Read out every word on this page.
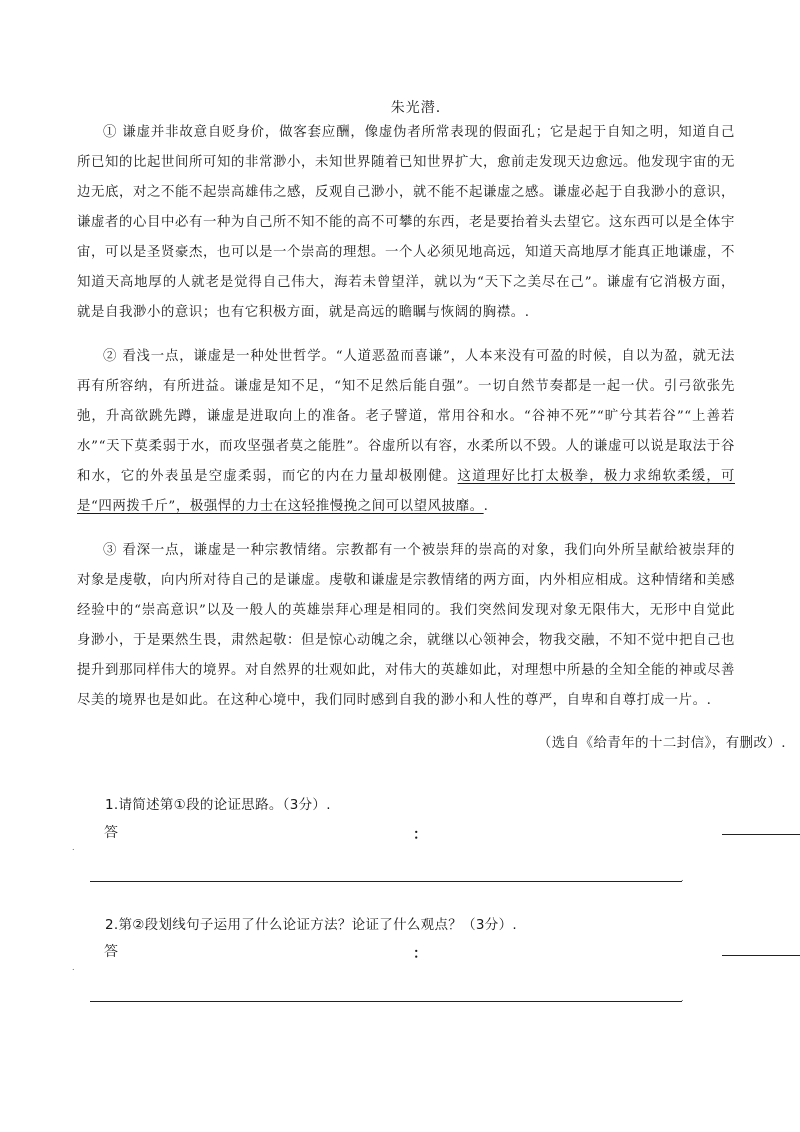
朱光潜.

① 谦虚并非故意自贬身价，做客套应酬，像虚伪者所常表现的假面孔；它是起于自知之明，知道自己所已知的比起世间所可知的非常渺小，未知世界随着已知世界扩大，愈前走发现天边愈远。他发现宇宙的无边无底，对之不能不起崇高雄伟之感，反观自己渺小，就不能不起谦虚之感。谦虚必起于自我渺小的意识，谦虚者的心目中必有一种为自己所不知不能的高不可攀的东西，老是要抬着头去望它。这东西可以是全体宇宙，可以是圣贤豪杰，也可以是一个崇高的理想。一个人必须见地高远，知道天高地厚才能真正地谦虚，不知道天高地厚的人就老是觉得自己伟大，海若未曾望洋，就以为“天下之美尽在己”。谦虚有它消极方面，就是自我渺小的意识；也有它积极方面，就是高远的瞻瞩与恢阔的胸襟。.

② 看浅一点，谦虚是一种处世哲学。“人道恶盈而喜谦”，人本来没有可盈的时候，自以为盈，就无法再有所容纳，有所进益。谦虚是知不足，“知不足然后能自强”。一切自然节奏都是一起一伏。引弓欲张先弛，升高欲跳先蹲，谦虚是进取向上的准备。老子譬道，常用谷和水。“谷神不死”“旷兮其若谷”“上善若水”“天下莫柔弱于水，而攻坚强者莫之能胜”。谷虚所以有容，水柔所以不毁。人的谦虚可以说是取法于谷和水，它的外表虽是空虚柔弱，而它的内在力量却极刚健。这道理好比打太极拳，极力求绵软柔缓，可是“四两拨千斤”，极强悍的力士在这轻推慢挽之间可以望风披靡。.

③ 看深一点，谦虚是一种宗教情绪。宗教都有一个被崇拜的崇高的对象，我们向外所呈献给被崇拜的对象是虔敬，向内所对待自己的是谦虚。虔敬和谦虚是宗教情绪的两方面，内外相应相成。这种情绪和美感经验中的“崇高意识”以及一般人的英雄崇拜心理是相同的。我们突然间发现对象无限伟大，无形中自觉此身渺小，于是栗然生畏，肃然起敬：但是惊心动魄之余，就继以心领神会，物我交融，不知不觉中把自己也提升到那同样伟大的境界。对自然界的壮观如此，对伟大的英雄如此，对理想中所悬的全知全能的神或尽善尽美的境界也是如此。在这种心境中，我们同时感到自我的渺小和人性的尊严，自卑和自尊打成一片。.

（选自《给青年的十二封信》，有删改）.
1.请简述第①段的论证思路。（3分）.
答	：
.
.
2.第②段划线句子运用了什么论证方法？论证了什么观点？（3分）.
答	：
.
.
